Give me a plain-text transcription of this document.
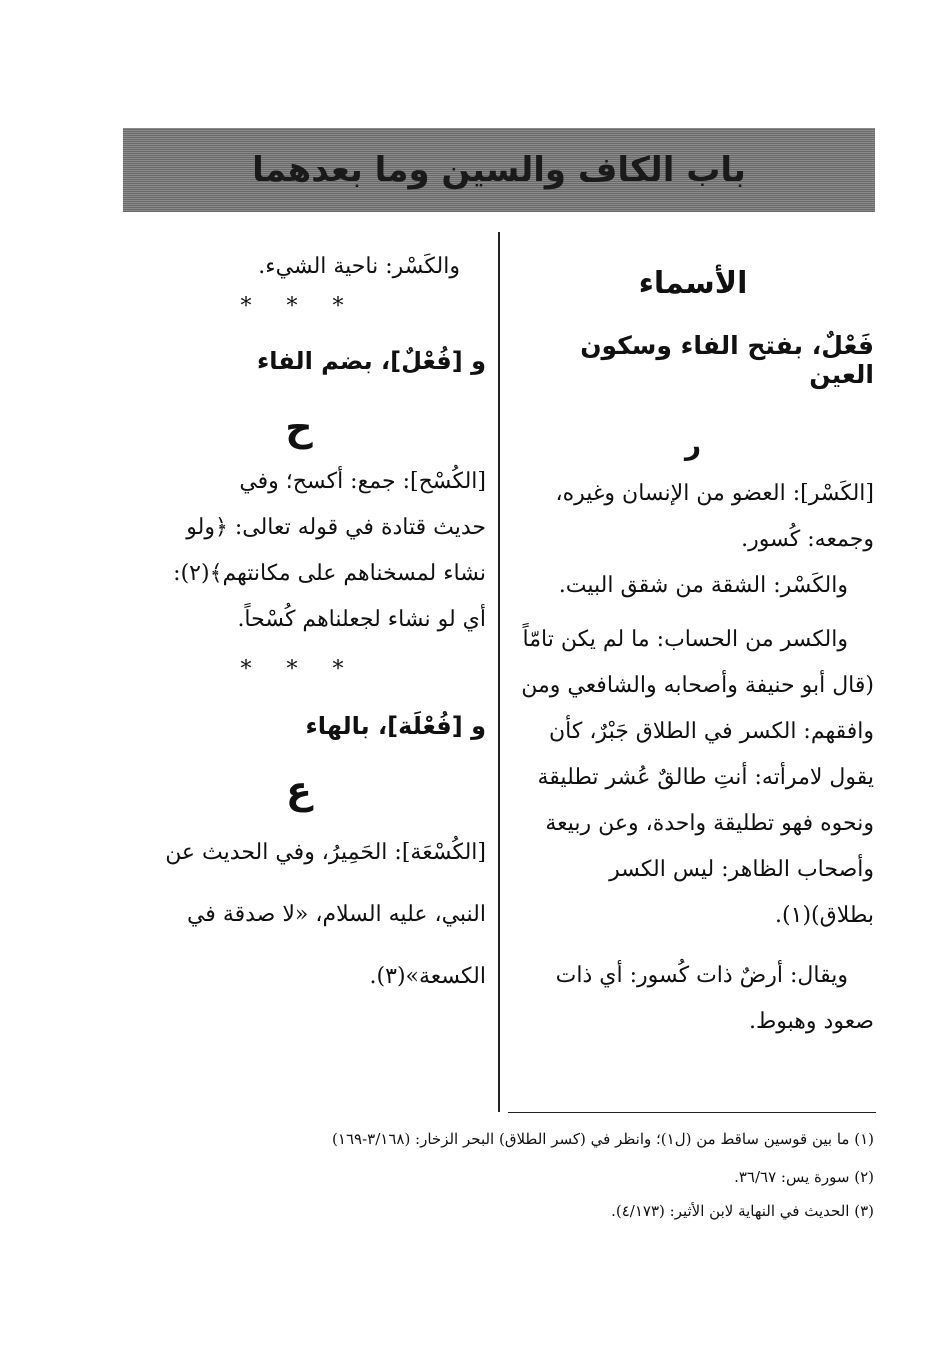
باب الكاف والسين وما بعدهما

الأسماء

فَعْلٌ، بفتح الفاء وسكون العين

ر

[الكَسْر]: العضو من الإنسان وغيره،

وجمعه: كُسور.

والكَسْر: الشقة من شقق البيت.

والكسر من الحساب: ما لم يكن تامّاً

(قال أبو حنيفة وأصحابه والشافعي ومن

وافقهم: الكسر في الطلاق جَبْرٌ، كأن

يقول لامرأته: أنتِ طالقٌ عُشر تطليقة

ونحوه فهو تطليقة واحدة، وعن ربيعة

وأصحاب الظاهر: ليس الكسر

بطلاق)(١).

ويقال: أرضٌ ذات كُسور: أي ذات

صعود وهبوط.

والكَسْر: ناحية الشيء.

* * *

و [فُعْلٌ]، بضم الفاء

ح

[الكُسْح]: جمع: أكسح؛ وفي

حديث قتادة في قوله تعالى: ﴿ولو

نشاء لمسخناهم على مكانتهم﴾(٢):

أي لو نشاء لجعلناهم كُسْحاً.

* * *

و [فُعْلَة]، بالهاء

ع

[الكُسْعَة]: الحَمِيرُ، وفي الحديث عن

النبي، عليه السلام، «لا صدقة في

الكسعة»(٣).

(١) ما بين قوسين ساقط من (ل١)؛ وانظر في (كسر الطلاق) البحر الزخار: (٣/١٦٨-١٦٩)
(٢) سورة يس: ٣٦/٦٧.
(٣) الحديث في النهاية لابن الأثير: (٤/١٧٣).
